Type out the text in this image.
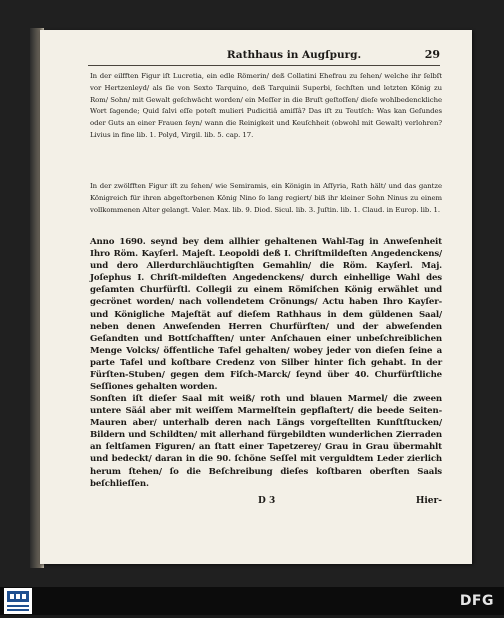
Rathhaus in Augſpurg.	29

In der eilfften Figur iſt Lucretia, ein edle Römerin/ deß Collatini Ehefrau zu ſehen/ welche ihr ſelbſt vor Hertzenleyd/ als ſie von Sexto Tarquino, deß Tarquinii Superbi, ſechſten und letzten König zu Rom/ Sohn/ mit Gewalt geſchwächt worden/ ein Meſſer in die Bruſt geſtoſſen/ dieſe wohlbedenckliche Wort ſagende; Quid ſalvi eſſe poteſt mulieri Pudicitiâ amiſſâ? Das iſt zu Teutſch: Was kan Geſundes oder Guts an einer Frauen ſeyn/ wann die Reinigkeit und Keuſchheit (obwohl mit Gewalt) verlohren? Livius in fine lib. 1. Polyd, Virgil. lib. 5. cap. 17.

In der zwölfften Figur iſt zu ſehen/ wie Semiramis, ein Königin in Aſſyria, Rath hält/ und das gantze Königreich für ihren abgeſtorbenen König Nino ſo lang regiert/ biß ihr kleiner Sohn Ninus zu einem vollkommenen Alter gelangt. Valer. Max. lib. 9. Diod. Sicul. lib. 3. Juſtin. lib. 1. Claud. in Europ. lib. 1.

Anno 1690. seynd bey dem allhier gehaltenen Wahl-Tag in Anweſenheit Ihro Röm. Kayſerl. Majeſt. Leopoldi deß I. Chriſtmildeſten Angedenckens/ und dero Allerdurchläuchtigſten Gemahlin/ die Röm. Kayſerl. Maj. Joſephus I. Chriſt-mildeſten Angedenckens/ durch einhellige Wahl des geſamten Churfürſtl. Collegii zu einem Römiſchen König erwählet und gecrönet worden/ nach vollendetem Crönungs/ Actu haben Ihro Kayſer- und Königliche Majeſtät auf dieſem Rathhaus in dem güldenen Saal/ neben denen Anweſenden Herren Churfürſten/ und der abweſenden Geſandten und Bottſchafften/ unter Anſchauen einer unbeſchreiblichen Menge Volcks/ öffentliche Tafel gehalten/ wobey jeder von dieſen ſeine a parte Tafel und koſtbare Credenz von Silber hinter ſich gehabt. In der Fürſten-Stuben/ gegen dem Fiſch-Marck/ ſeynd über 40. Churfürſtliche Seſſiones gehalten worden.

Sonſten iſt dieſer Saal mit weiß/ roth und blauen Marmel/ die zween untere Säál aber mit weiſſem Marmelſtein gepflaſtert/ die beede Seiten-Mauren aber/ unterhalb deren nach Längs vorgeſtellten Kunſtſtucken/ Bildern und Schildten/ mit allerhand fürgebildten wunderlichen Zierraden an ſeltſamen Figuren/ an ſtatt einer Tapetzerey/ Grau in Grau übermahlt und bedeckt/ daran in die 90. ſchöne Seſſel mit verguldtem Leder zierlich herum ſtehen/ ſo die Beſchreibung dieſes koſtbaren oberſten Saals beſchlieſſen.

D 3	Hier-
DFG
